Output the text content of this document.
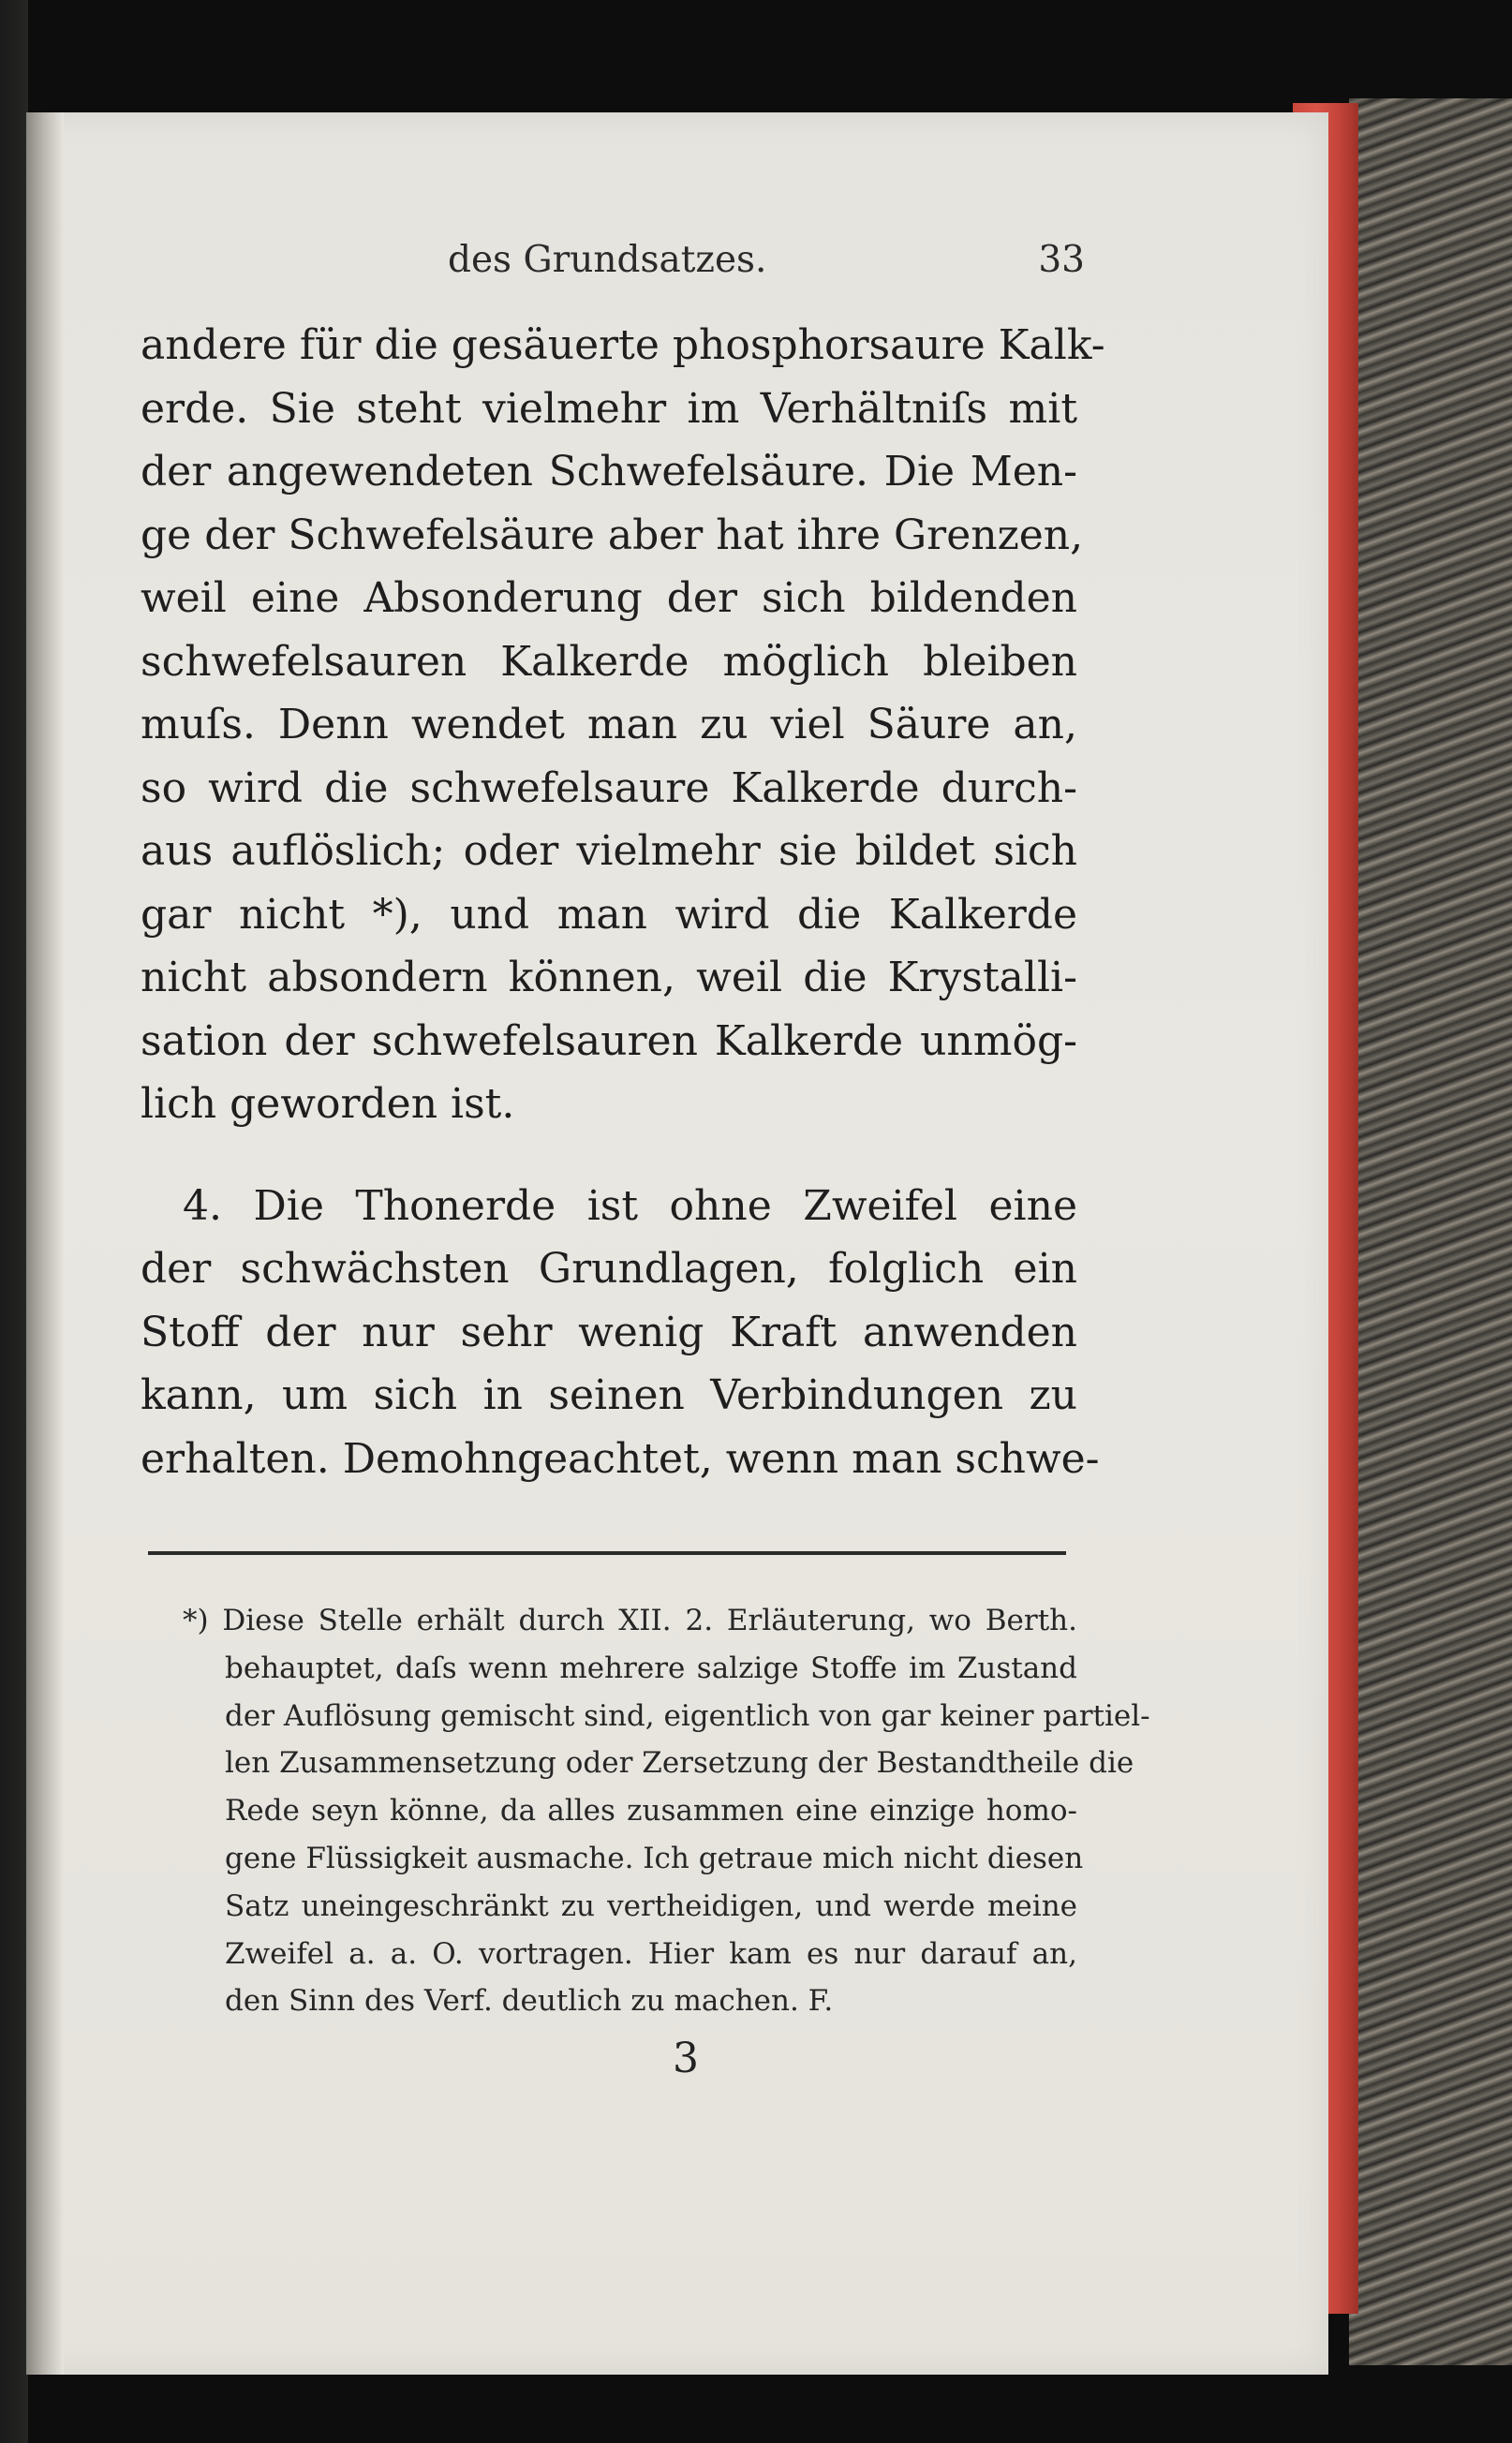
des Grundsatzes.	33
andere für die gesäuerte phosphorsaure Kalk-
erde. Sie steht vielmehr im Verhältniſs mit
der angewendeten Schwefelsäure. Die Men-
ge der Schwefelsäure aber hat ihre Grenzen,
weil eine Absonderung der sich bildenden
schwefelsauren Kalkerde möglich bleiben
muſs. Denn wendet man zu viel Säure an,
so wird die schwefelsaure Kalkerde durch-
aus auflöslich; oder vielmehr sie bildet sich
gar nicht *), und man wird die Kalkerde
nicht absondern können, weil die Krystalli-
sation der schwefelsauren Kalkerde unmög-
lich geworden ist.
4. Die Thonerde ist ohne Zweifel eine
der schwächsten Grundlagen, folglich ein
Stoff der nur sehr wenig Kraft anwenden
kann, um sich in seinen Verbindungen zu
erhalten. Demohngeachtet, wenn man schwe-
*) Diese Stelle erhält durch XII. 2. Erläuterung, wo Berth.
behauptet, daſs wenn mehrere salzige Stoffe im Zustand
der Auflösung gemischt sind, eigentlich von gar keiner partiel-
len Zusammensetzung oder Zersetzung der Bestandtheile die
Rede seyn könne, da alles zusammen eine einzige homo-
gene Flüssigkeit ausmache. Ich getraue mich nicht diesen
Satz uneingeschränkt zu vertheidigen, und werde meine
Zweifel a. a. O. vortragen. Hier kam es nur darauf an,
den Sinn des Verf. deutlich zu machen. F.
3
